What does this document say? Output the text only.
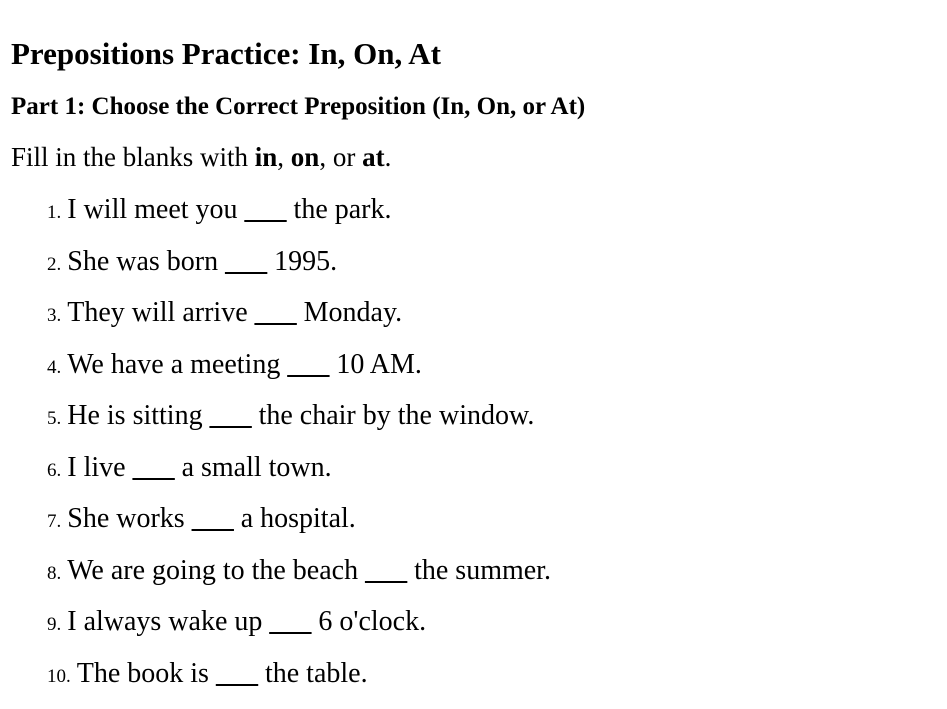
Prepositions Practice: In, On, At
Part 1: Choose the Correct Preposition (In, On, or At)

Fill in the blanks with in, on, or at.

1. I will meet you ___ the park.
2. She was born ___ 1995.
3. They will arrive ___ Monday.
4. We have a meeting ___ 10 AM.
5. He is sitting ___ the chair by the window.
6. I live ___ a small town.
7. She works ___ a hospital.
8. We are going to the beach ___ the summer.
9. I always wake up ___ 6 o'clock.
10. The book is ___ the table.
